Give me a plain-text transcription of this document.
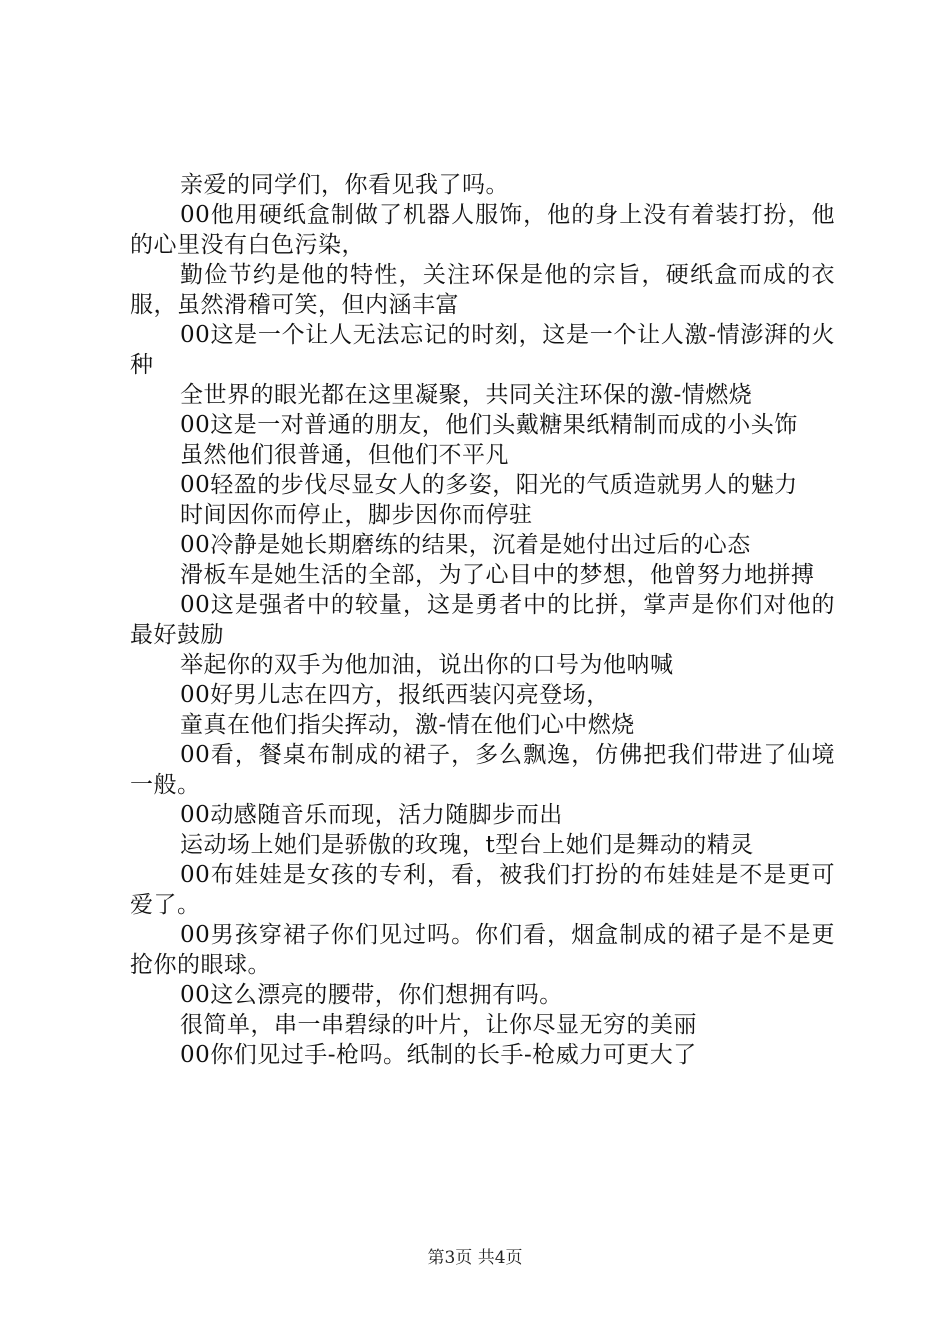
亲爱的同学们，你看见我了吗。

00他用硬纸盒制做了机器人服饰，他的身上没有着装打扮，他的心里没有白色污染，

勤俭节约是他的特性，关注环保是他的宗旨，硬纸盒而成的衣服，虽然滑稽可笑，但内涵丰富

00这是一个让人无法忘记的时刻，这是一个让人激-情澎湃的火种

全世界的眼光都在这里凝聚，共同关注环保的激-情燃烧

00这是一对普通的朋友，他们头戴糖果纸精制而成的小头饰

虽然他们很普通，但他们不平凡

00轻盈的步伐尽显女人的多姿，阳光的气质造就男人的魅力

时间因你而停止，脚步因你而停驻

00冷静是她长期磨练的结果，沉着是她付出过后的心态

滑板车是她生活的全部，为了心目中的梦想，他曾努力地拼搏

00这是强者中的较量，这是勇者中的比拼，掌声是你们对他的最好鼓励

举起你的双手为他加油，说出你的口号为他呐喊

00好男儿志在四方，报纸西装闪亮登场，

童真在他们指尖挥动，激-情在他们心中燃烧

00看，餐桌布制成的裙子，多么飘逸，仿佛把我们带进了仙境一般。

00动感随音乐而现，活力随脚步而出

运动场上她们是骄傲的玫瑰，t型台上她们是舞动的精灵

00布娃娃是女孩的专利，看，被我们打扮的布娃娃是不是更可爱了。

00男孩穿裙子你们见过吗。你们看，烟盒制成的裙子是不是更抢你的眼球。

00这么漂亮的腰带，你们想拥有吗。

很简单，串一串碧绿的叶片，让你尽显无穷的美丽

00你们见过手-枪吗。纸制的长手-枪威力可更大了

第3页 共4页
